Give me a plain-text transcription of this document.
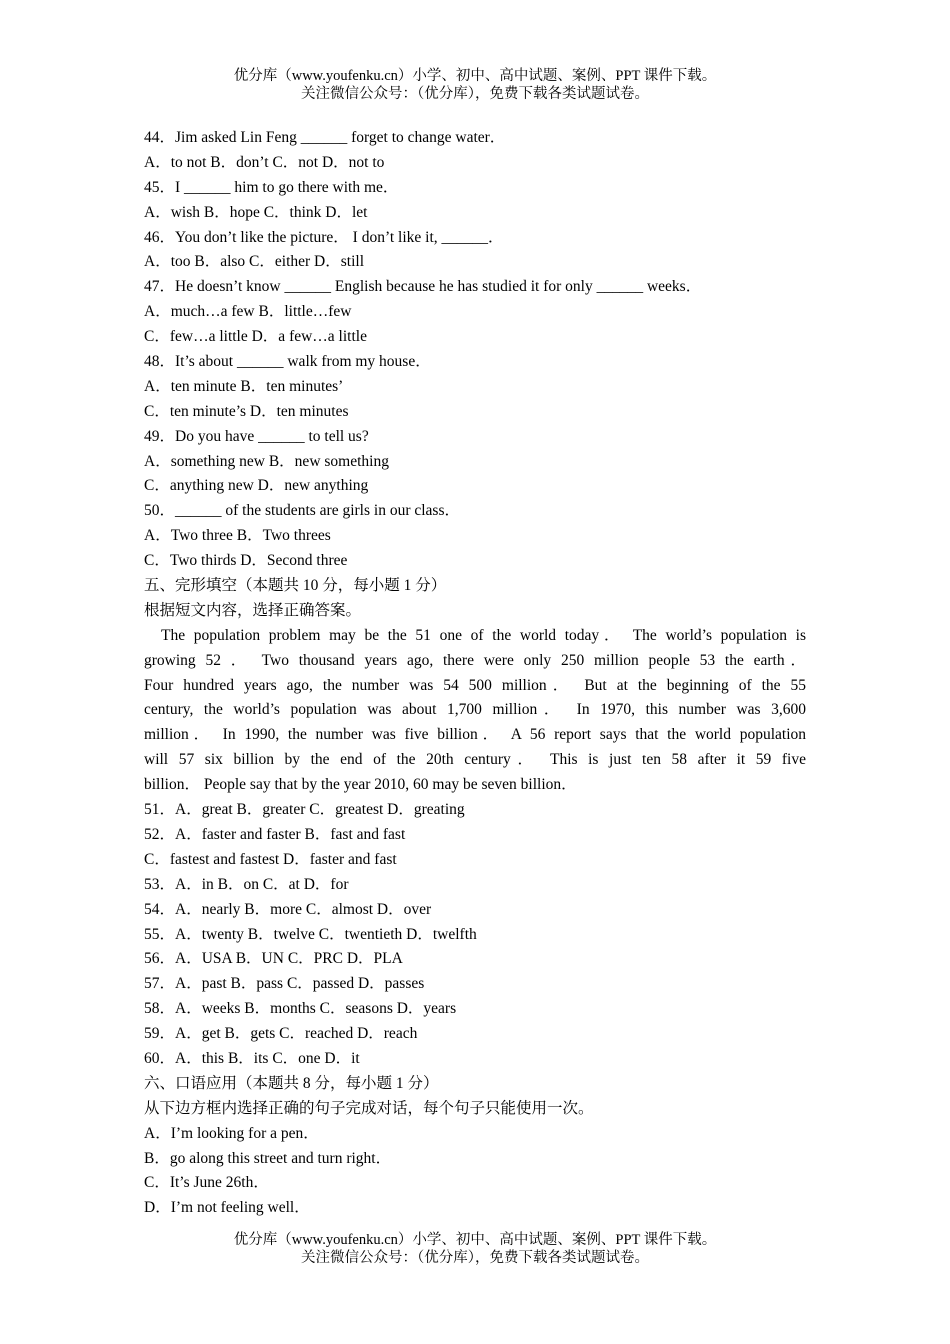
优分库（www.youfenku.cn）小学、初中、高中试题、案例、PPT 课件下载。
关注微信公众号：（优分库），免费下载各类试题试卷。
44．Jim asked Lin Feng ______ forget to change water．
A．to not B．don’t C．not D．not to
45．I ______ him to go there with me．
A．wish B．hope C．think D．let
46．You don’t like the picture． I don’t like it, ______．
A．too B．also C．either D．still
47．He doesn’t know ______ English because he has studied it for only ______ weeks．
A．much…a few B．little…few
C．few…a little D．a few…a little
48．It’s about ______ walk from my house．
A．ten minute B．ten minutes’
C．ten minute’s D．ten minutes
49．Do you have ______ to tell us?
A．something new B．new something
C．anything new D．new anything
50．______ of the students are girls in our class．
A．Two three B．Two threes
C．Two thirds D．Second three
五、完形填空（本题共 10 分，每小题 1 分）
根据短文内容，选择正确答案。
The population problem may be the 51 one of the world today． The world’s population is
growing 52 ． Two thousand years ago, there were only 250 million people 53 the earth．
Four hundred years ago, the number was 54 500 million． But at the beginning of the 55
century, the world’s population was about 1,700 million． In 1970, this number was 3,600
million． In 1990, the number was five billion． A 56 report says that the world population
will 57 six billion by the end of the 20th century． This is just ten 58 after it 59 five
billion． People say that by the year 2010, 60 may be seven billion．
51．A．great B．greater C．greatest D．greating
52．A．faster and faster B．fast and fast
C．fastest and fastest D．faster and fast
53．A．in B．on C．at D．for
54．A．nearly B．more C．almost D．over
55．A．twenty B．twelve C．twentieth D．twelfth
56．A．USA B．UN C．PRC D．PLA
57．A．past B．pass C．passed D．passes
58．A．weeks B．months C．seasons D．years
59．A．get B．gets C．reached D．reach
60．A．this B．its C．one D．it
六、口语应用（本题共 8 分，每小题 1 分）
从下边方框内选择正确的句子完成对话，每个句子只能使用一次。
A．I’m looking for a pen．
B．go along this street and turn right．
C．It’s June 26th．
D．I’m not feeling well．
优分库（www.youfenku.cn）小学、初中、高中试题、案例、PPT 课件下载。
关注微信公众号：（优分库），免费下载各类试题试卷。
